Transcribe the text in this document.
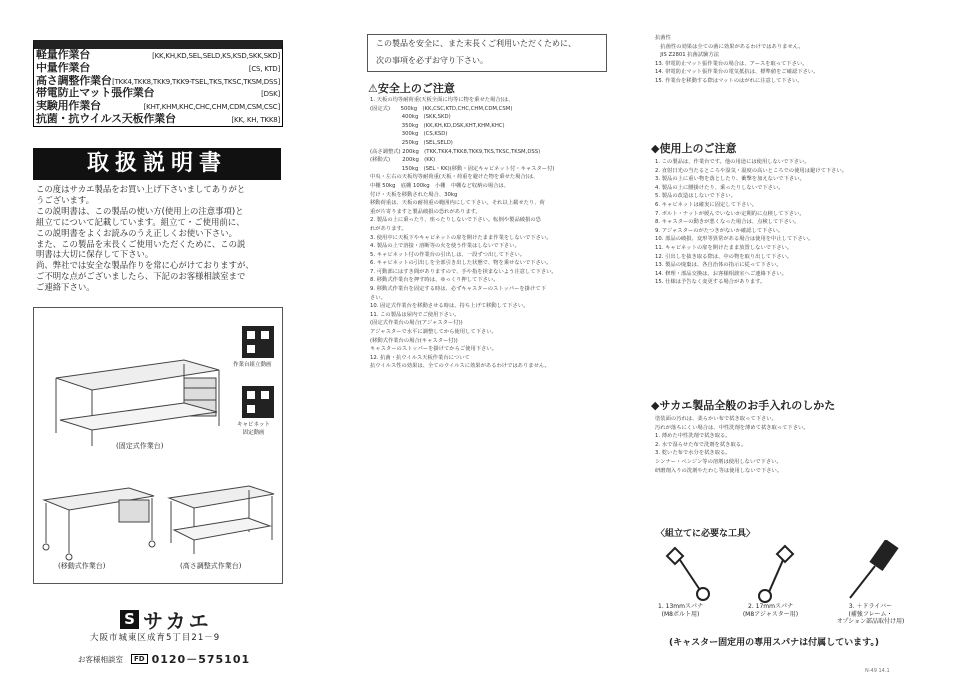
軽量作業台	[KK,KH,KD,SEL,SELD,KS,KSD,SKK,SKD]
中量作業台	[CS, KTD]
高さ調整作業台 [TKK4,TKK8,TKK9,TKK9-TSEL,TKS,TKSC,TKSM,DSS]
帯電防止マット張作業台	[DSK]
実験用作業台	[KHT,KHM,KHC,CHC,CHM,CDM,CSM,CSC]
抗菌・抗ウイルス天板作業台	[KK, KH, TKK8]
取扱説明書
この度はサカエ製品をお買い上げ下さいましてありがと
うございます。
この説明書は、この製品の使い方(使用上の注意事項)と
組立てについて記載しています。組立て・ご使用前に、
この説明書をよくお読みのうえ正しくお使い下さい。
また、この製品を末長くご使用いただくために、この説
明書は大切に保存して下さい。
尚、弊社では安全な製品作りを常に心がけておりますが、
ご不明な点がございましたら、下記のお客様相談室まで
ご連絡下さい。
(固定式作業台)
作業台組立動画
キャビネット
固定動画
(移動式作業台)	(高さ調整式作業台)
S サカエ
大阪市城東区成育5丁目21－9
お客様相談室	FD 0120－575101
この製品を安全に、また末長くご利用いただくために、
次の事項を必ずお守り下さい。
⚠安全上のご注意

1. 天板の均等耐荷重(天板全面に均等に物を乗せた場合)は、

(固定式)　　500kg　(KK,CSC,KTD,CHC,CHM,CDM,CSM)

　　　　　　400kg　(SKK,SKD)

　　　　　　350kg　(KK,KH,KD,DSK,KHT,KHM,KHC)

　　　　　　300kg　(CS,KSD)

　　　　　　250kg　(SEL,SELD)

(高さ調整式) 200kg　(TKK,TKK4,TKK8,TKK9,TKS,TKSC,TKSM,DSS)

(移動式)　　 200kg　(KK)

　　　　　　150kg　(SEL・KK)(移動・固定キャビネット付・キャスター付)

中央・左右の天板均等耐荷重(天板・荷重を避けた物を乗せた場合)は、

中棚 50kg　底棚 100kg　小棚　中棚など収納の場合は、

付け・天板を移動された場合、30kg

移動荷重は、天板の耐荷重の範囲内にして下さい。それ以上載せたり、荷

重が片寄りますと製品破損の恐れがあります。

2. 製品の上に乗ったり、座ったりしないで下さい。転倒や製品破損の恐

れがあります。

3. 使用中に天板下やキャビネットの扉を開けたまま作業をしないで下さい。

4. 製品の上で溶接・溶断等の火を使う作業はしないで下さい。

5. キャビネット付の作業台の引出しは、一段ずつ出して下さい。

6. キャビネットの引出しを全部引き出した状態で、物を乗せないで下さい。

7. 可動部にはすき間がありますので、手や指を挟まないよう注意して下さい。

8. 移動式作業台を押す時は、ゆっくり押して下さい。

9. 移動式作業台を固定する時は、必ずキャスターのストッパーを掛けて下

さい。

10. 固定式作業台を移動させる時は、持ち上げて移動して下さい。

11. この製品は屋内でご使用下さい。

(固定式作業台の場合(アジャスター付))

アジャスターで水平に調整してから使用して下さい。

(移動式作業台の場合(キャスター付))

キャスターのストッパーを掛けてからご使用下さい。

12. 抗菌・抗ウイルス天板作業台について

抗ウイルス性の効果は、全てのウイルスに効果があるわけではありません。

抗菌性

　抗菌性の効果は全ての菌に効果があるわけではありません。

　JIS Z2801 抗菌試験方法

13. 帯電防止マット張作業台の場合は、アースを取って下さい。

14. 帯電防止マット張作業台の電気抵抗は、標準値をご確認下さい。

15. 作業台を移動する際はマットのはがれに注意して下さい。

◆使用上のご注意

1. この製品は、作業台です。他の用途には使用しないで下さい。

2. 直射日光の当たるところや湿気・温度の高いところでの使用は避けて下さい。

3. 製品の上に重い物を落としたり、衝撃を加えないで下さい。

4. 製品の上に腰掛けたり、乗ったりしないで下さい。

5. 製品の改造はしないで下さい。

6. キャビネットは確実に固定して下さい。

7. ボルト・ナットが緩んでいないか定期的に点検して下さい。

8. キャスターの動きが悪くなった場合は、点検して下さい。

9. アジャスターのがたつきがないか確認して下さい。

10. 部品の破損、変形等異常がある場合は使用を中止して下さい。

11. キャビネットの扉を開けたまま放置しないで下さい。

12. 引出しを抜き取る際は、中の物を取り出して下さい。

13. 製品の廃棄は、各自治体の指示に従って下さい。

14. 修理・部品交換は、お客様相談室へご連絡下さい。

15. 仕様は予告なく変更する場合があります。

◆サカエ製品全般のお手入れのしかた

塗装面の汚れは、柔らかい布で拭き取って下さい。

汚れが落ちにくい場合は、中性洗剤を薄めて拭き取って下さい。

1. 薄めた中性洗剤で拭き取る。

2. 水で湿らせた布で洗剤を拭き取る。

3. 乾いた布で水分を拭き取る。

シンナー・ベンジン等の溶剤は使用しないで下さい。

研磨剤入りの洗剤やたわし等は使用しないで下さい。

〈組立てに必要な工具〉
1. 13mmスパナ
(M8ボルト用)
2. 17mmスパナ
(M8アジャスター用)
3. ＋ドライバー
(補強フレーム・
オプション部品取付け用)
(キャスター固定用の専用スパナは付属しています。)
N-49 14.1
